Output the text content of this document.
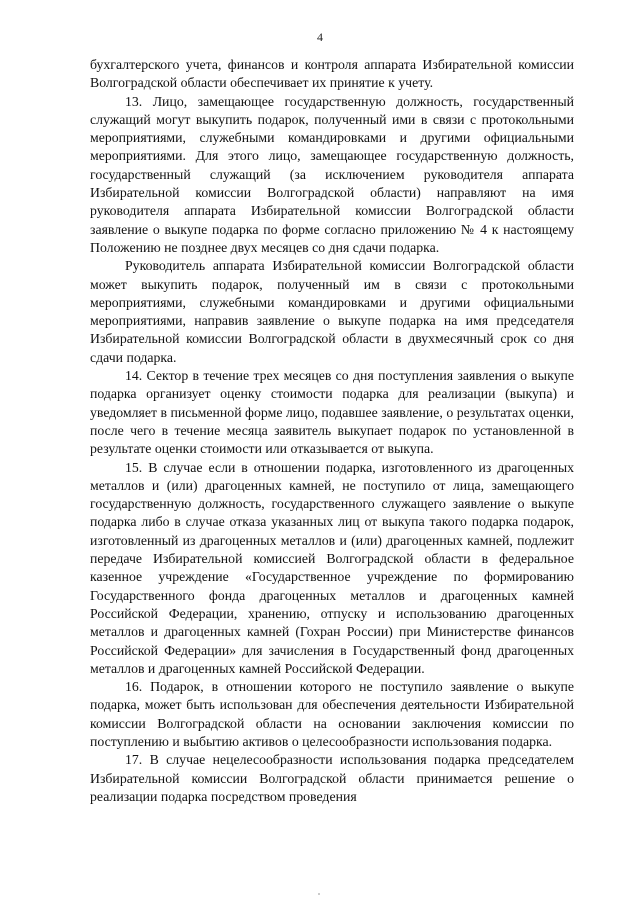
4

бухгалтерского учета, финансов и контроля аппарата Избирательной комиссии Волгоградской области обеспечивает их принятие к учету.

13. Лицо, замещающее государственную должность, государственный служащий могут выкупить подарок, полученный ими в связи с протокольными мероприятиями, служебными командировками и другими официальными мероприятиями. Для этого лицо, замещающее государственную должность, государственный служащий (за исключением руководителя аппарата Избирательной комиссии Волгоградской области) направляют на имя руководителя аппарата Избирательной комиссии Волгоградской области заявление о выкупе подарка по форме согласно приложению № 4 к настоящему Положению не позднее двух месяцев со дня сдачи подарка.

Руководитель аппарата Избирательной комиссии Волгоградской области может выкупить подарок, полученный им в связи с протокольными мероприятиями, служебными командировками и другими официальными мероприятиями, направив заявление о выкупе подарка на имя председателя Избирательной комиссии Волгоградской области в двухмесячный срок со дня сдачи подарка.

14. Сектор в течение трех месяцев со дня поступления заявления о выкупе подарка организует оценку стоимости подарка для реализации (выкупа) и уведомляет в письменной форме лицо, подавшее заявление, о результатах оценки, после чего в течение месяца заявитель выкупает подарок по установленной в результате оценки стоимости или отказывается от выкупа.

15. В случае если в отношении подарка, изготовленного из драгоценных металлов и (или) драгоценных камней, не поступило от лица, замещающего государственную должность, государственного служащего заявление о выкупе подарка либо в случае отказа указанных лиц от выкупа такого подарка подарок, изготовленный из драгоценных металлов и (или) драгоценных камней, подлежит передаче Избирательной комиссией Волгоградской области в федеральное казенное учреждение «Государственное учреждение по формированию Государственного фонда драгоценных металлов и драгоценных камней Российской Федерации, хранению, отпуску и использованию драгоценных металлов и драгоценных камней (Гохран России) при Министерстве финансов Российской Федерации» для зачисления в Государственный фонд драгоценных металлов и драгоценных камней Российской Федерации.

16. Подарок, в отношении которого не поступило заявление о выкупе подарка, может быть использован для обеспечения деятельности Избирательной комиссии Волгоградской области на основании заключения комиссии по поступлению и выбытию активов о целесообразности использования подарка.

17. В случае нецелесообразности использования подарка председателем Избирательной комиссии Волгоградской области принимается решение о реализации подарка посредством проведения
